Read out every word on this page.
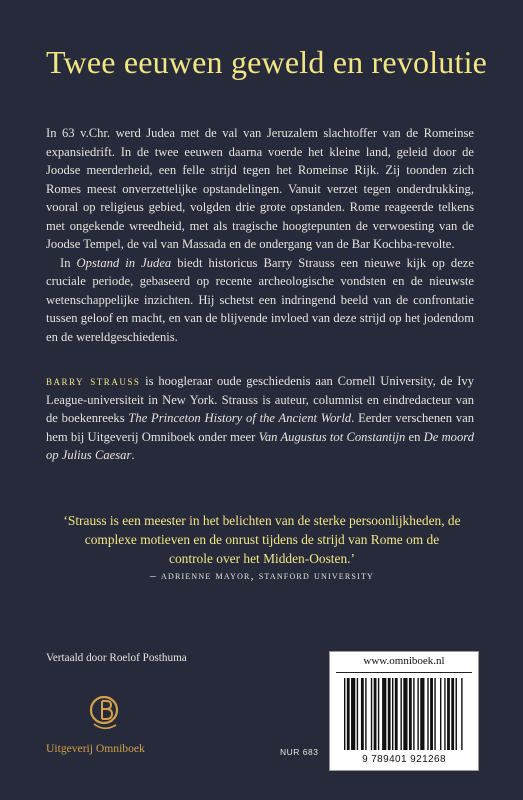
Twee eeuwen geweld en revolutie

In 63 v.Chr. werd Judea met de val van Jeruzalem slachtoffer van de Romeinse expansiedrift. In de twee eeuwen daarna voerde het kleine land, geleid door de Joodse meerderheid, een felle strijd tegen het Romeinse Rijk. Zij toonden zich Romes meest onverzettelijke opstandelingen. Vanuit verzet tegen onderdrukking, vooral op religieus gebied, volgden drie grote opstanden. Rome reageerde telkens met ongekende wreedheid, met als tragische hoogtepunten de verwoesting van de Joodse Tempel, de val van Massada en de ondergang van de Bar Kochba-revolte.

In Opstand in Judea biedt historicus Barry Strauss een nieuwe kijk op deze cruciale periode, gebaseerd op recente archeologische vondsten en de nieuwste wetenschappelijke inzichten. Hij schetst een indringend beeld van de confrontatie tussen geloof en macht, en van de blijvende invloed van deze strijd op het jodendom en de wereldgeschiedenis.

barry strauss is hoogleraar oude geschiedenis aan Cornell University, de Ivy League-universiteit in New York. Strauss is auteur, columnist en eindredacteur van de boekenreeks The Princeton History of the Ancient World. Eerder verschenen van hem bij Uitgeverij Omniboek onder meer Van Augustus tot Constantijn en De moord op Julius Caesar.
‘Strauss is een meester in het belichten van de sterke persoonlijkheden, de complexe motieven en de onrust tijdens de strijd van Rome om de controle over het Midden-Oosten.’
– adrienne mayor, stanford university
Vertaald door Roelof Posthuma
Uitgeverij Omniboek	NUR 683
www.omniboek.nl
9 789401 921268
